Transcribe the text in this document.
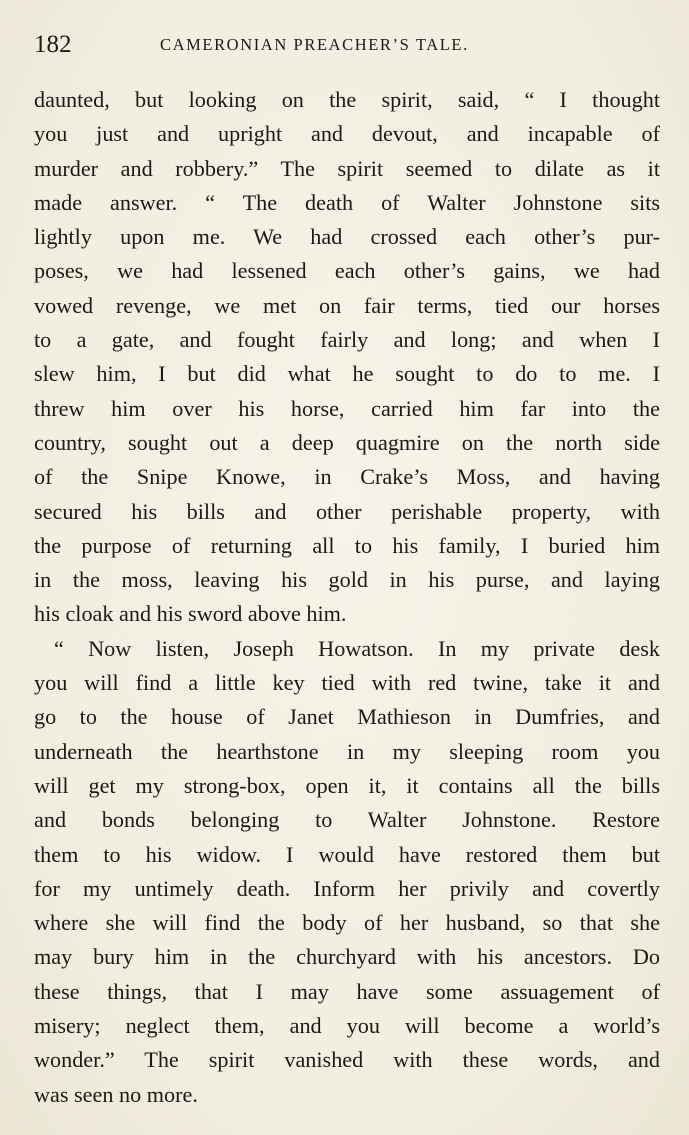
182	CAMERONIAN PREACHER’S TALE.
daunted, but looking on the spirit, said, “ I thought
you just and upright and devout, and incapable of
murder and robbery.” The spirit seemed to dilate as it
made answer. “ The death of Walter Johnstone sits
lightly upon me. We had crossed each other’s pur-
poses, we had lessened each other’s gains, we had
vowed revenge, we met on fair terms, tied our horses
to a gate, and fought fairly and long; and when I
slew him, I but did what he sought to do to me. I
threw him over his horse, carried him far into the
country, sought out a deep quagmire on the north side
of the Snipe Knowe, in Crake’s Moss, and having
secured his bills and other perishable property, with
the purpose of returning all to his family, I buried him
in the moss, leaving his gold in his purse, and laying
his cloak and his sword above him.
“ Now listen, Joseph Howatson. In my private desk
you will find a little key tied with red twine, take it and
go to the house of Janet Mathieson in Dumfries, and
underneath the hearthstone in my sleeping room you
will get my strong-box, open it, it contains all the bills
and bonds belonging to Walter Johnstone. Restore
them to his widow. I would have restored them but
for my untimely death. Inform her privily and covertly
where she will find the body of her husband, so that she
may bury him in the churchyard with his ancestors. Do
these things, that I may have some assuagement of
misery; neglect them, and you will become a world’s
wonder.” The spirit vanished with these words, and
was seen no more.
